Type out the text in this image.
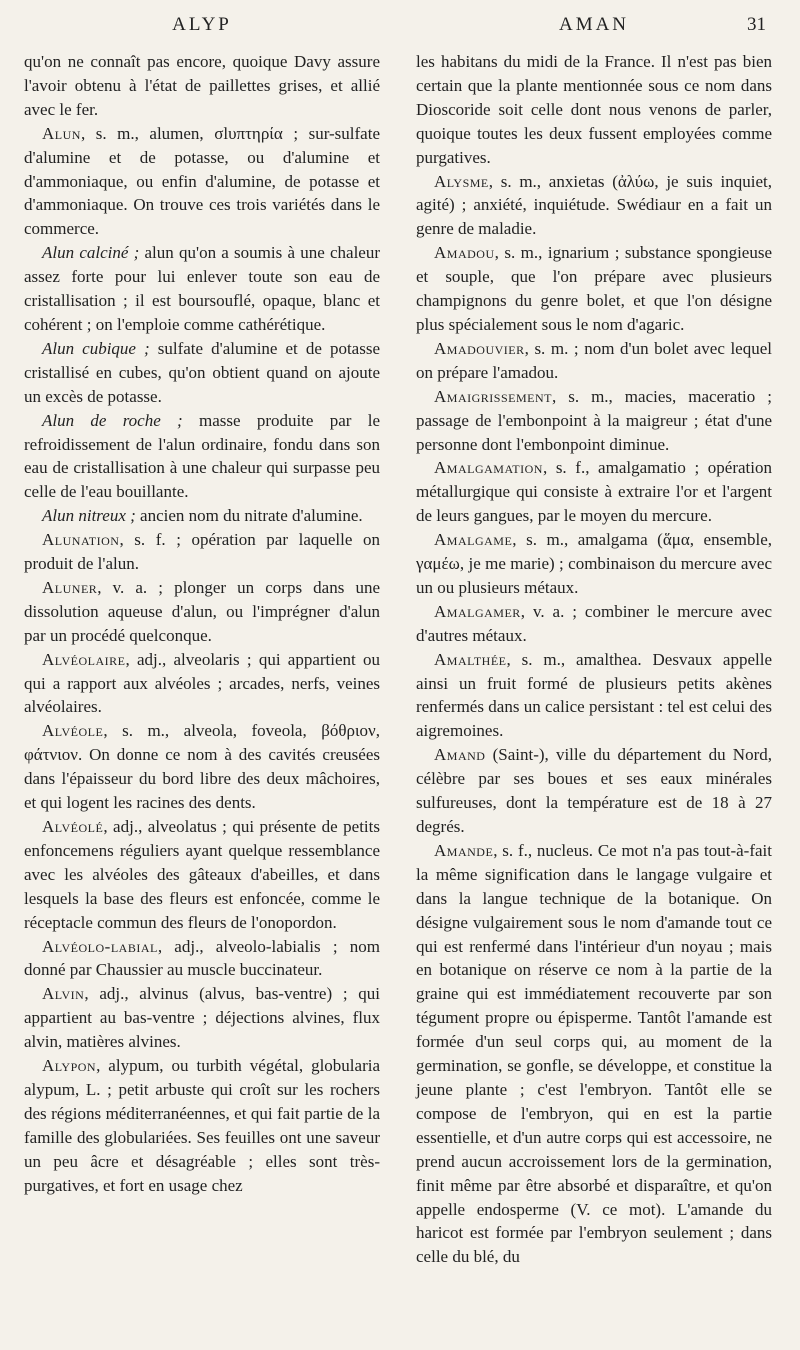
ALYP

qu'on ne connaît pas encore, quoique Davy assure l'avoir obtenu à l'état de paillettes grises, et allié avec le fer.

Alun, s. m., alumen, σlυπτηρία ; sur-sulfate d'alumine et de potasse, ou d'alumine et d'ammoniaque, ou enfin d'alumine, de potasse et d'ammoniaque. On trouve ces trois variétés dans le commerce.

Alun calciné ; alun qu'on a soumis à une chaleur assez forte pour lui enlever toute son eau de cristallisation ; il est boursouflé, opaque, blanc et cohérent ; on l'emploie comme cathérétique.

Alun cubique ; sulfate d'alumine et de potasse cristallisé en cubes, qu'on obtient quand on ajoute un excès de potasse.

Alun de roche ; masse produite par le refroidissement de l'alun ordinaire, fondu dans son eau de cristallisation à une chaleur qui surpasse peu celle de l'eau bouillante.

Alun nitreux ; ancien nom du nitrate d'alumine.

Alunation, s. f. ; opération par laquelle on produit de l'alun.

Aluner, v. a. ; plonger un corps dans une dissolution aqueuse d'alun, ou l'imprégner d'alun par un procédé quelconque.

Alvéolaire, adj., alveolaris ; qui appartient ou qui a rapport aux alvéoles ; arcades, nerfs, veines alvéolaires.

Alvéole, s. m., alveola, foveola, βόθριον, φάτνιον. On donne ce nom à des cavités creusées dans l'épaisseur du bord libre des deux mâchoires, et qui logent les racines des dents.

Alvéolé, adj., alveolatus ; qui présente de petits enfoncemens réguliers ayant quelque ressemblance avec les alvéoles des gâteaux d'abeilles, et dans lesquels la base des fleurs est enfoncée, comme le réceptacle commun des fleurs de l'onopordon.

Alvéolo-labial, adj., alveolo-labialis ; nom donné par Chaussier au muscle buccinateur.

Alvin, adj., alvinus (alvus, bas-ventre) ; qui appartient au bas-ventre ; déjections alvines, flux alvin, matières alvines.

Alypon, alypum, ou turbith végétal, globularia alypum, L. ; petit arbuste qui croît sur les rochers des régions méditerranéennes, et qui fait partie de la famille des globulariées. Ses feuilles ont une saveur un peu âcre et désagréable ; elles sont très-purgatives, et fort en usage chez

AMAN	31

les habitans du midi de la France. Il n'est pas bien certain que la plante mentionnée sous ce nom dans Dioscoride soit celle dont nous venons de parler, quoique toutes les deux fussent employées comme purgatives.

Alysme, s. m., anxietas (ἀλύω, je suis inquiet, agité) ; anxiété, inquiétude. Swédiaur en a fait un genre de maladie.

Amadou, s. m., ignarium ; substance spongieuse et souple, que l'on prépare avec plusieurs champignons du genre bolet, et que l'on désigne plus spécialement sous le nom d'agaric.

Amadouvier, s. m. ; nom d'un bolet avec lequel on prépare l'amadou.

Amaigrissement, s. m., macies, maceratio ; passage de l'embonpoint à la maigreur ; état d'une personne dont l'embonpoint diminue.

Amalgamation, s. f., amalgamatio ; opération métallurgique qui consiste à extraire l'or et l'argent de leurs gangues, par le moyen du mercure.

Amalgame, s. m., amalgama (ἅμα, ensemble, γαμέω, je me marie) ; combinaison du mercure avec un ou plusieurs métaux.

Amalgamer, v. a. ; combiner le mercure avec d'autres métaux.

Amalthée, s. m., amalthea. Desvaux appelle ainsi un fruit formé de plusieurs petits akènes renfermés dans un calice persistant : tel est celui des aigremoines.

Amand (Saint-), ville du département du Nord, célèbre par ses boues et ses eaux minérales sulfureuses, dont la température est de 18 à 27 degrés.

Amande, s. f., nucleus. Ce mot n'a pas tout-à-fait la même signification dans le langage vulgaire et dans la langue technique de la botanique. On désigne vulgairement sous le nom d'amande tout ce qui est renfermé dans l'intérieur d'un noyau ; mais en botanique on réserve ce nom à la partie de la graine qui est immédiatement recouverte par son tégument propre ou épisperme. Tantôt l'amande est formée d'un seul corps qui, au moment de la germination, se gonfle, se développe, et constitue la jeune plante ; c'est l'embryon. Tantôt elle se compose de l'embryon, qui en est la partie essentielle, et d'un autre corps qui est accessoire, ne prend aucun accroissement lors de la germination, finit même par être absorbé et disparaître, et qu'on appelle endosperme (V. ce mot). L'amande du haricot est formée par l'embryon seulement ; dans celle du blé, du
